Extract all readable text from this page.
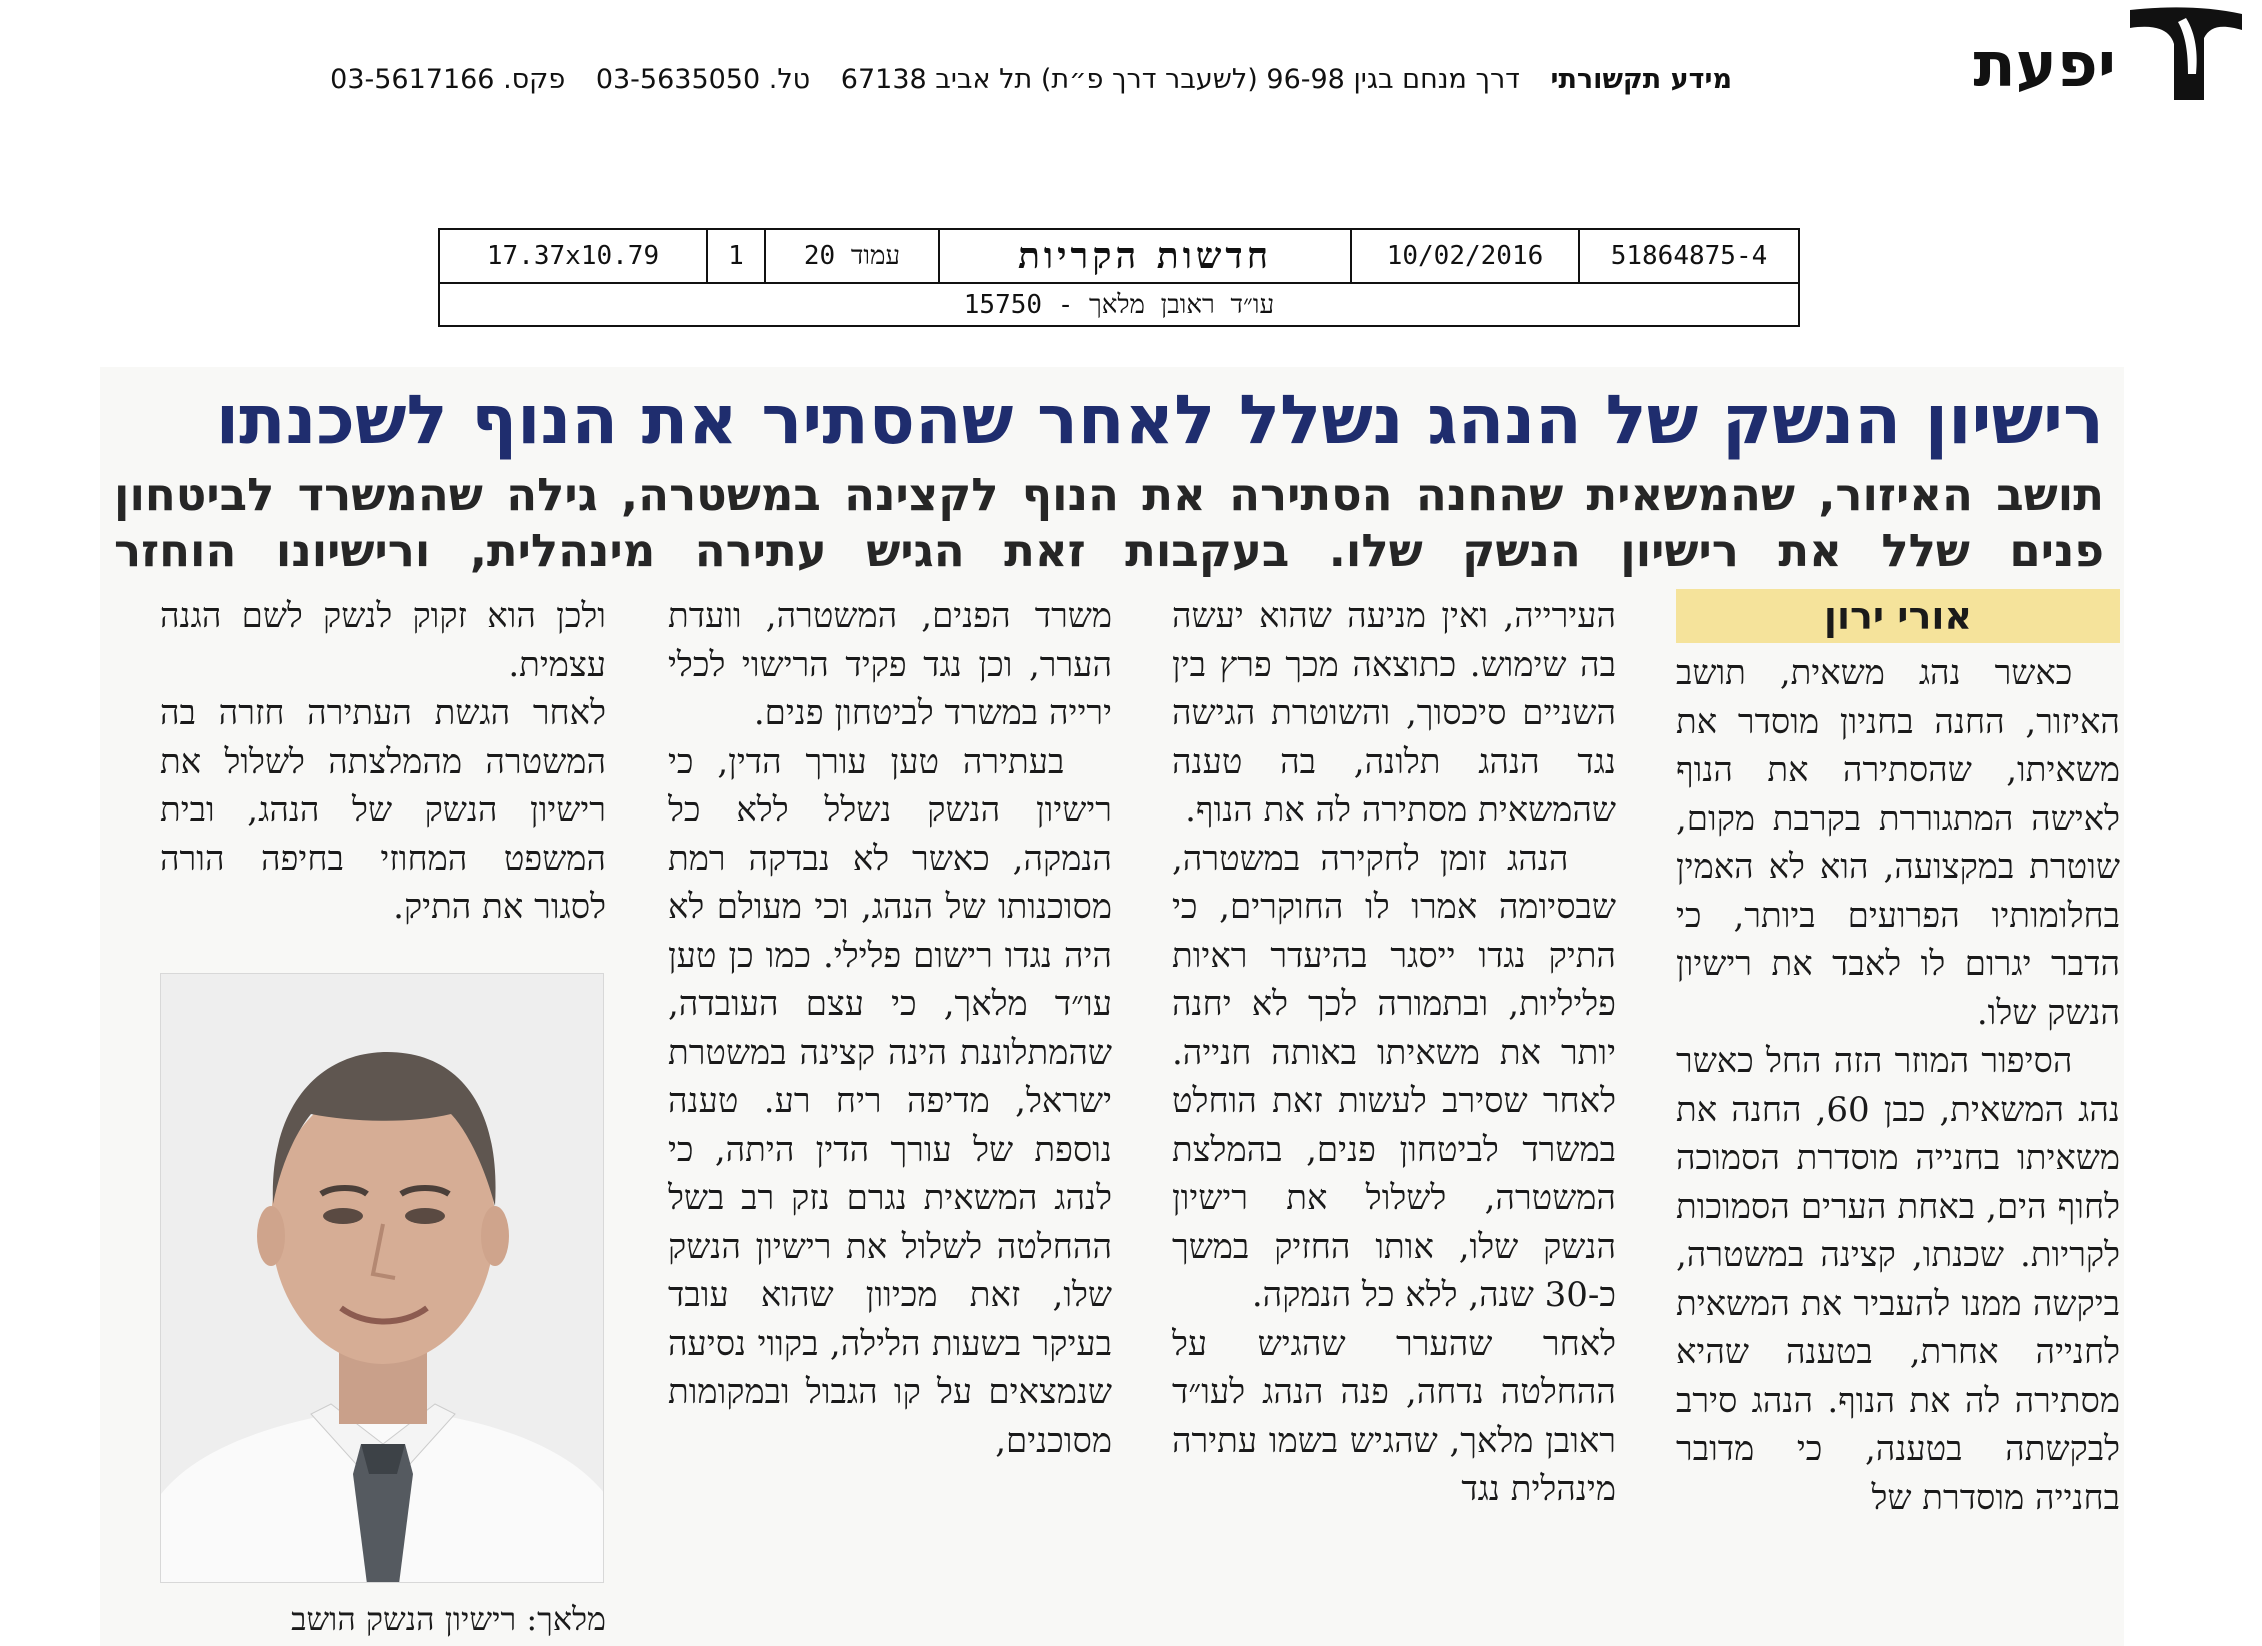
יפעת
מידע תקשורתי דרך מנחם בגין 96-98 (לשעבר דרך פ״ת) תל אביב 67138 טל. 03-5635050 פקס. 03-5617166
17.37x10.79	1	עמוד 20	חדשות הקריות	10/02/2016	51864875-4
עו״ד ראובן מלאך - 15750
רישיון הנשק של הנהג נשלל לאחר שהסתיר את הנוף לשכנתו
תושב האיזור, שהמשאית שהחנה הסתירה את הנוף לקצינה במשטרה, גילה שהמשרד לביטחון פנים שלל את רישיון הנשק שלו. בעקבות זאת הגיש עתירה מינהלית, ורישיונו הוחזר
אורי ירון

כאשר נהג משאית, תושב האיזור, החנה בחניון מוסדר את משאיתו, שהסתירה את הנוף לאישה המתגוררת בקרבת מקום, שוטרת במקצועה, הוא לא האמין בחלומותיו הפרועים ביותר, כי הדבר יגרום לו לאבד את רישיון הנשק שלו.

הסיפור המוזר הזה החל כאשר נהג המשאית, כבן 60, החנה את משאיתו בחנייה מוסדרת הסמוכה לחוף הים, באחת הערים הסמוכות לקריות. שכנתו, קצינה במשטרה, ביקשה ממנו להעביר את המשאית לחנייה אחרת, בטענה שהיא מסתירה לה את הנוף. הנהג סירב לבקשתה בטענה, כי מדובר בחנייה מוסדרת של

העירייה, ואין מניעה שהוא יעשה בה שימוש. כתוצאה מכך פרץ בין השניים סיכסוך, והשוטרת הגישה נגד הנהג תלונה, בה טענה שהמשאית מסתירה לה את הנוף.

הנהג זומן לחקירה במשטרה, שבסיומה אמרו לו החוקרים, כי התיק נגדו ייסגר בהיעדר ראיות פליליות, ובתמורה לכך לא יחנה יותר את משאיתו באותה חנייה. לאחר שסירב לעשות זאת הוחלט במשרד לביטחון פנים, בהמלצת המשטרה, לשלול את רישיון הנשק שלו, אותו החזיק במשך כ-30 שנה, ללא כל הנמקה.

לאחר שהערר שהגיש על ההחלטה נדחה, פנה הנהג לעו״ד ראובן מלאך, שהגיש בשמו עתירה מינהלית נגד

משרד הפנים, המשטרה, וועדת הערר, וכן נגד פקיד הרישוי לכלי ירייה במשרד לביטחון פנים.

בעתירה טען עורך הדין, כי רישיון הנשק נשלל ללא כל הנמקה, כאשר לא נבדקה רמת מסוכנותו של הנהג, וכי מעולם לא היה נגדו רישום פלילי. כמו כן טען עו״ד מלאך, כי עצם העובדה, שהמתלוננת הינה קצינה במשטרת ישראל, מדיפה ריח רע. טענה נוספת של עורך הדין היתה, כי לנהג המשאית נגרם נזק רב בשל ההחלטה לשלול את רישיון הנשק שלו, זאת מכיוון שהוא עובד בעיקר בשעות הלילה, בקווי נסיעה שנמצאים על קו הגבול ובמקומות מסוכנים,

ולכן הוא זקוק לנשק לשם הגנה עצמית.

לאחר הגשת העתירה חזרה בה המשטרה מהמלצתה לשלול את רישיון הנשק של הנהג, ובית המשפט המחוזי בחיפה הורה לסגור את התיק.

מלאך: רישיון הנשק הושב
